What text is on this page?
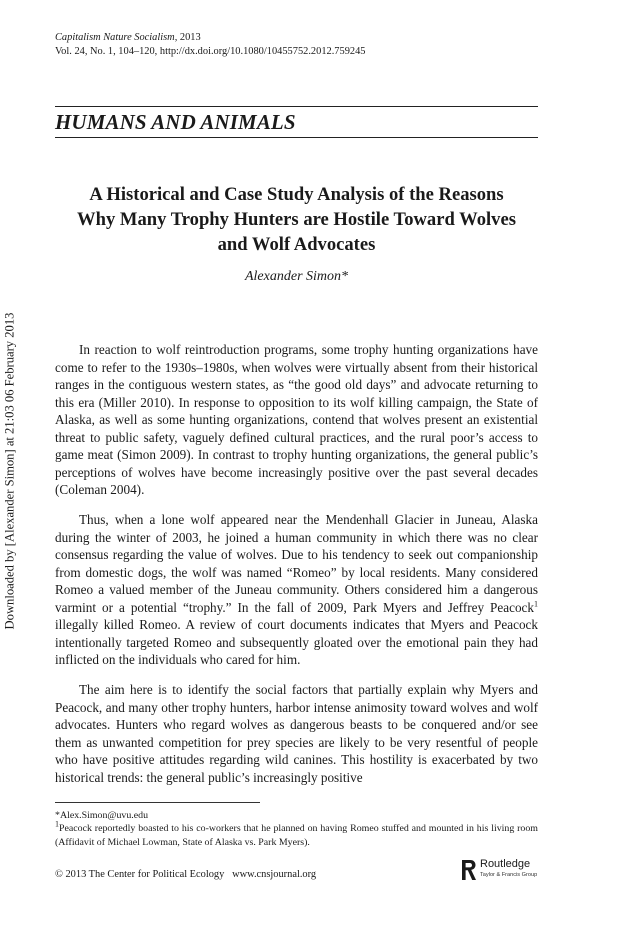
Downloaded by [Alexander Simon] at 21:03 06 February 2013
Capitalism Nature Socialism, 2013
Vol. 24, No. 1, 104–120, http://dx.doi.org/10.1080/10455752.2012.759245
HUMANS AND ANIMALS
A Historical and Case Study Analysis of the Reasons
Why Many Trophy Hunters are Hostile Toward Wolves
and Wolf Advocates
Alexander Simon*

In reaction to wolf reintroduction programs, some trophy hunting organizations have come to refer to the 1930s–1980s, when wolves were virtually absent from their historical ranges in the contiguous western states, as “the good old days” and advocate returning to this era (Miller 2010). In response to opposition to its wolf killing campaign, the State of Alaska, as well as some hunting organizations, contend that wolves present an existential threat to public safety, vaguely defined cultural practices, and the rural poor’s access to game meat (Simon 2009). In contrast to trophy hunting organizations, the general public’s perceptions of wolves have become increasingly positive over the past several decades (Coleman 2004).

Thus, when a lone wolf appeared near the Mendenhall Glacier in Juneau, Alaska during the winter of 2003, he joined a human community in which there was no clear consensus regarding the value of wolves. Due to his tendency to seek out companionship from domestic dogs, the wolf was named “Romeo” by local residents. Many considered Romeo a valued member of the Juneau community. Others considered him a dangerous varmint or a potential “trophy.” In the fall of 2009, Park Myers and Jeffrey Peacock$^1$ illegally killed Romeo. A review of court documents indicates that Myers and Peacock intentionally targeted Romeo and subsequently gloated over the emotional pain they had inflicted on the individuals who cared for him.

The aim here is to identify the social factors that partially explain why Myers and Peacock, and many other trophy hunters, harbor intense animosity toward wolves and wolf advocates. Hunters who regard wolves as dangerous beasts to be conquered and/or see them as unwanted competition for prey species are likely to be very resentful of people who have positive attitudes regarding wild canines. This hostility is exacerbated by two historical trends: the general public’s increasingly positive

*Alex.Simon@uvu.edu
$^1$Peacock reportedly boasted to his co-workers that he planned on having Romeo stuffed and mounted in his living room (Affidavit of Michael Lowman, State of Alaska vs. Park Myers).
© 2013 The Center for Political Ecology www.cnsjournal.org
Routledge
Taylor & Francis Group
